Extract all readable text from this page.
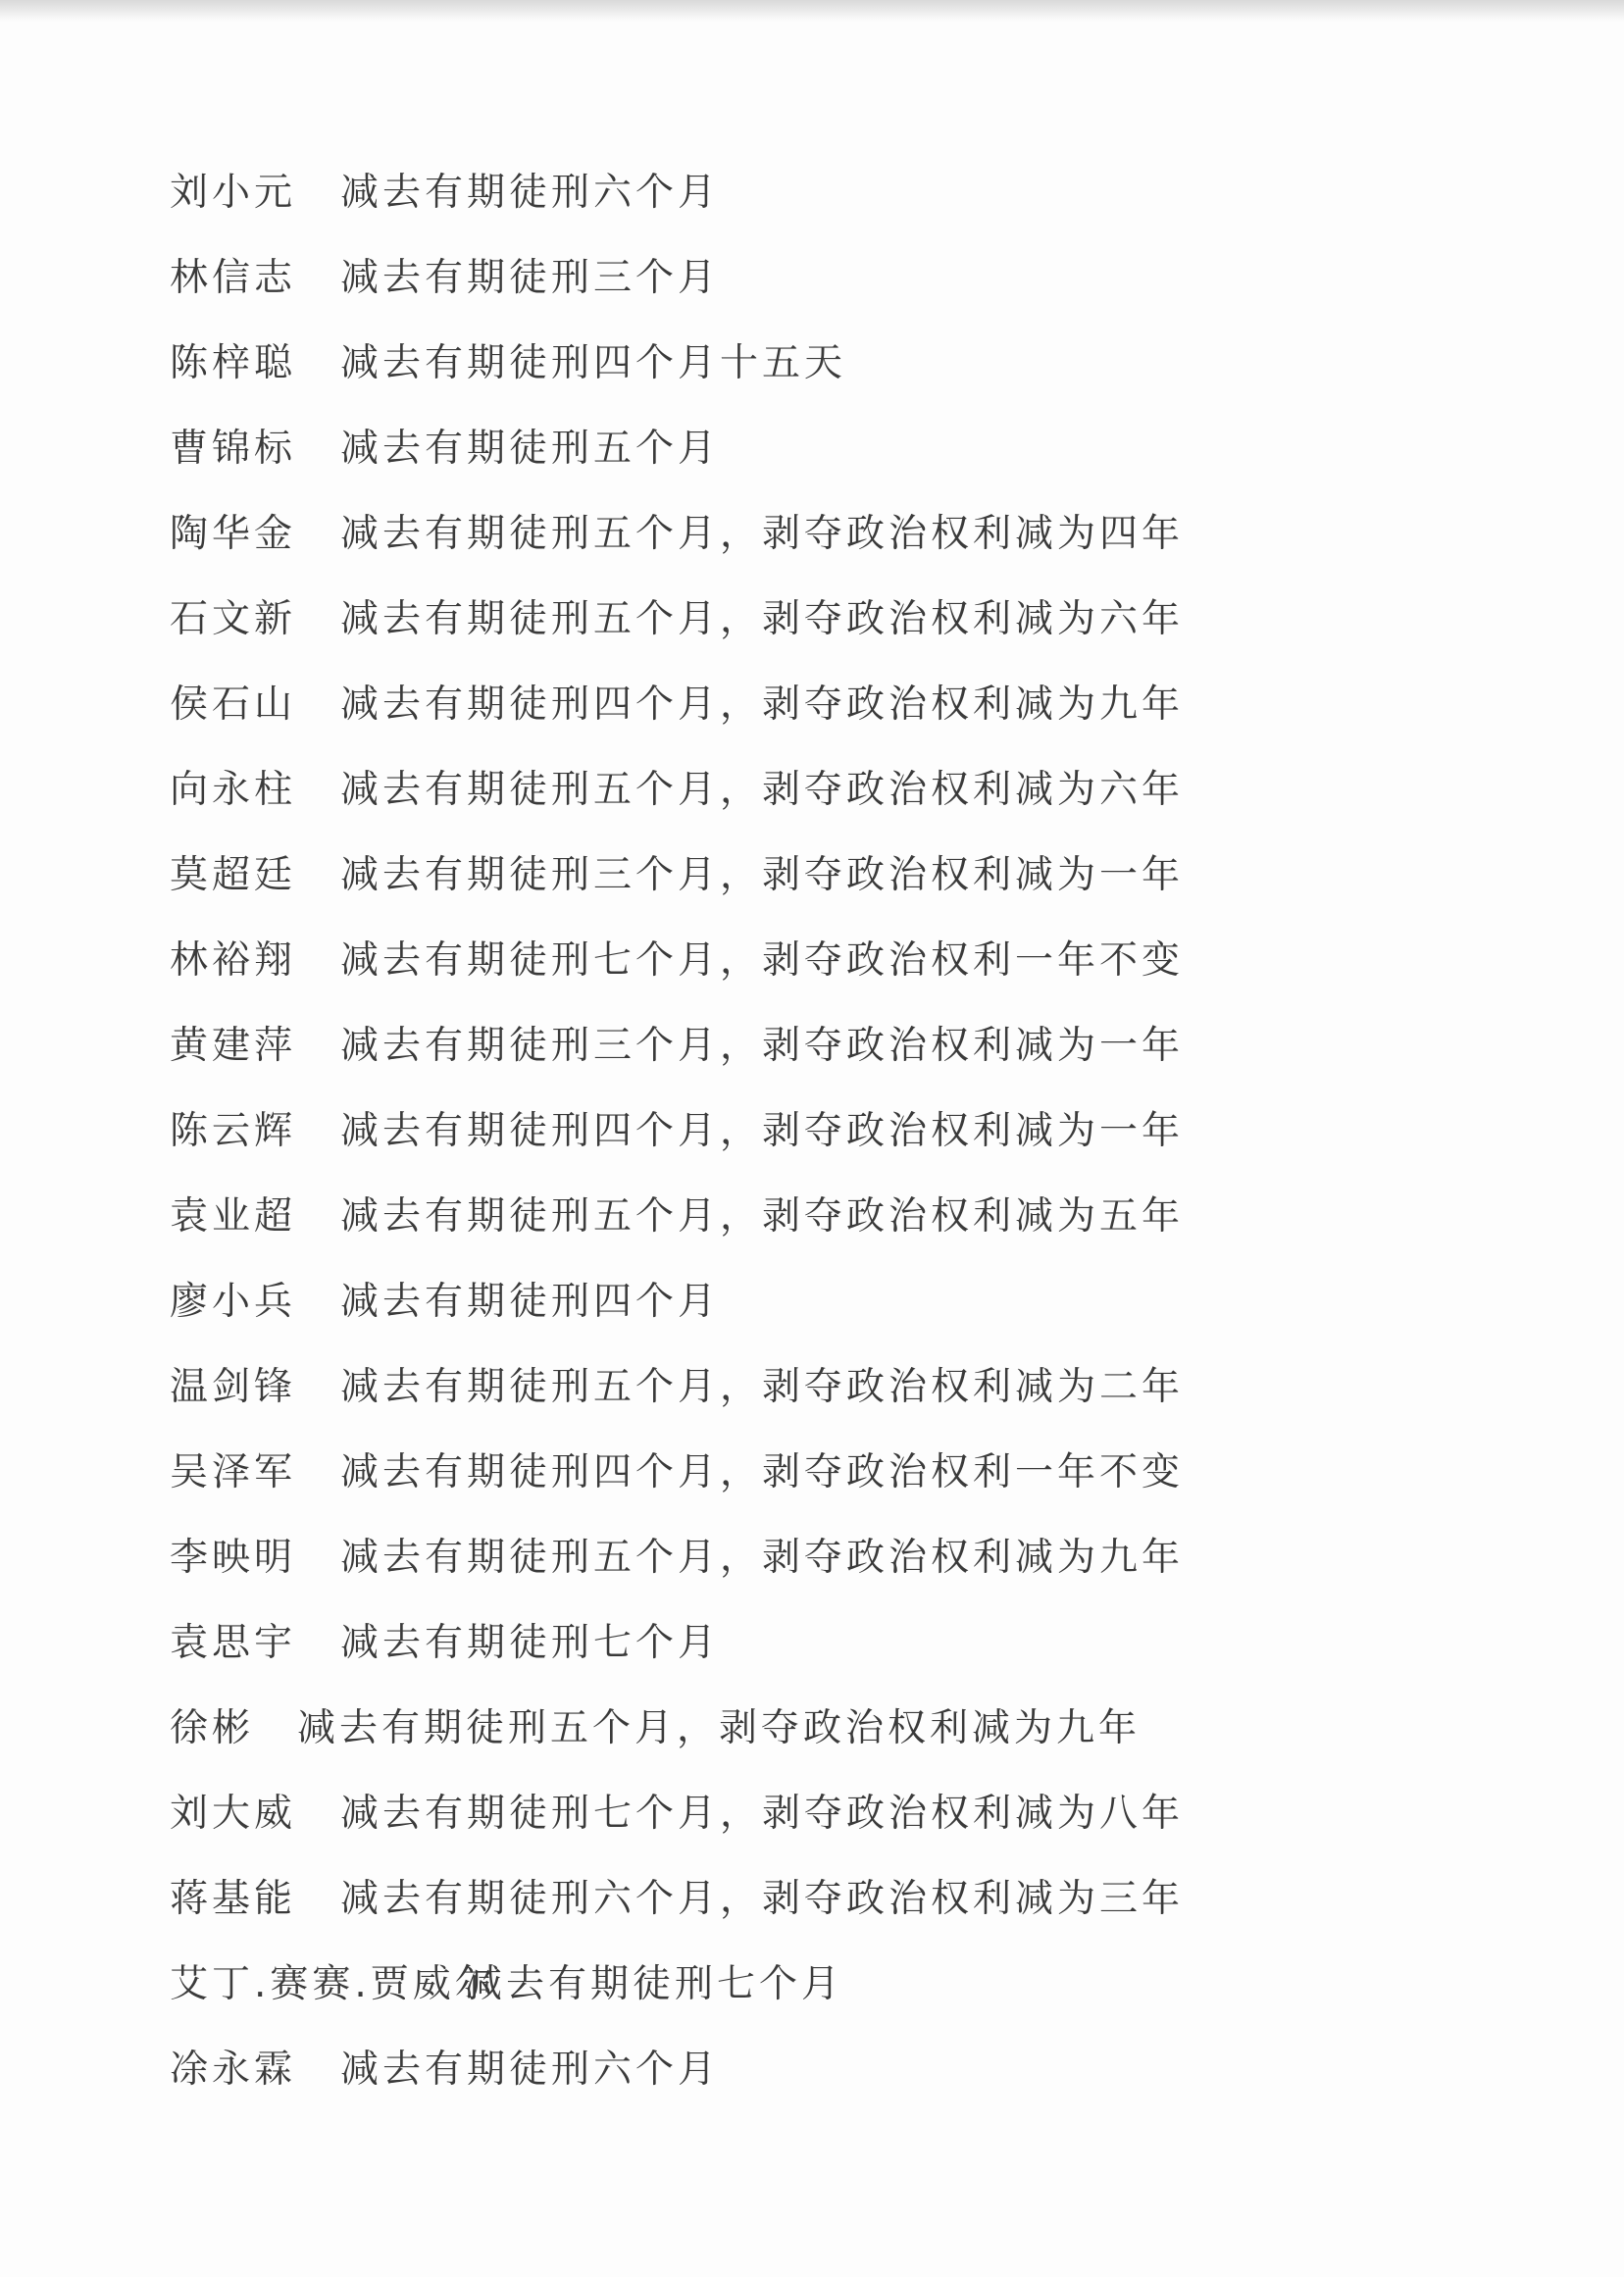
刘小元 减去有期徒刑六个月
林信志 减去有期徒刑三个月
陈梓聪 减去有期徒刑四个月十五天
曹锦标 减去有期徒刑五个月
陶华金 减去有期徒刑五个月，剥夺政治权利减为四年
石文新 减去有期徒刑五个月，剥夺政治权利减为六年
侯石山 减去有期徒刑四个月，剥夺政治权利减为九年
向永柱 减去有期徒刑五个月，剥夺政治权利减为六年
莫超廷 减去有期徒刑三个月，剥夺政治权利减为一年
林裕翔 减去有期徒刑七个月，剥夺政治权利一年不变
黄建萍 减去有期徒刑三个月，剥夺政治权利减为一年
陈云辉 减去有期徒刑四个月，剥夺政治权利减为一年
袁业超 减去有期徒刑五个月，剥夺政治权利减为五年
廖小兵 减去有期徒刑四个月
温剑锋 减去有期徒刑五个月，剥夺政治权利减为二年
吴泽军 减去有期徒刑四个月，剥夺政治权利一年不变
李映明 减去有期徒刑五个月，剥夺政治权利减为九年
袁思宇 减去有期徒刑七个月
徐彬 减去有期徒刑五个月，剥夺政治权利减为九年
刘大威 减去有期徒刑七个月，剥夺政治权利减为八年
蒋基能 减去有期徒刑六个月，剥夺政治权利减为三年
艾丁.赛赛.贾威尔
减去有期徒刑七个月
凃永霖 减去有期徒刑六个月
